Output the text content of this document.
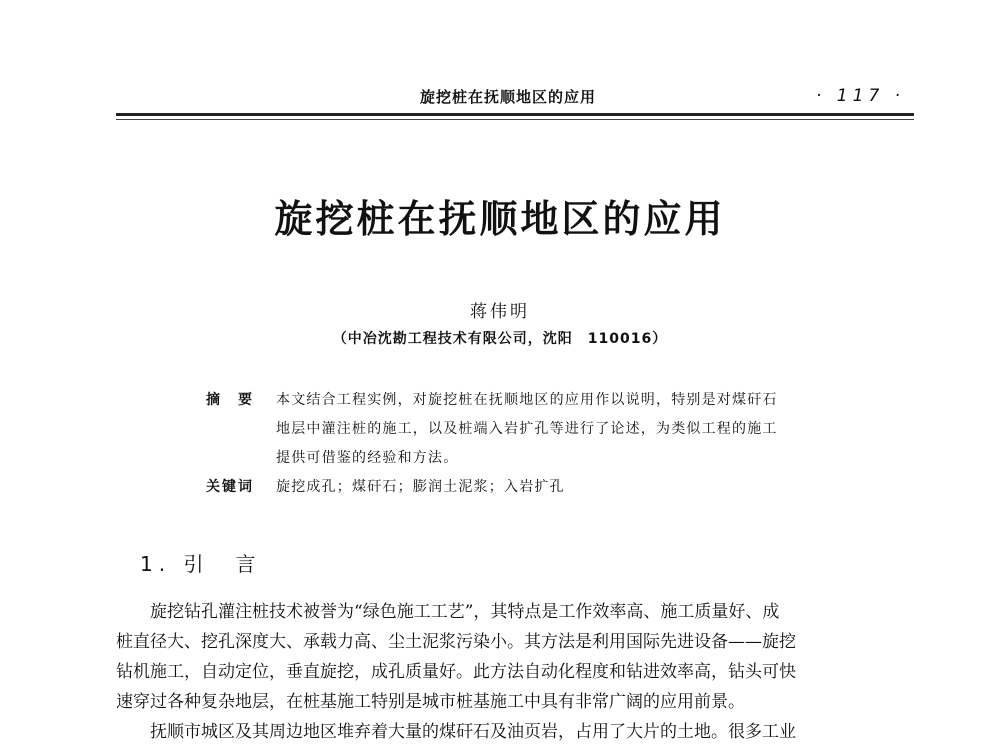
旋挖桩在抚顺地区的应用	· 117 ·
旋挖桩在抚顺地区的应用
蒋伟明
（中冶沈勘工程技术有限公司，沈阳　110016）
摘要 本文结合工程实例，对旋挖桩在抚顺地区的应用作以说明，特别是对煤矸石
地层中灌注桩的施工，以及桩端入岩扩孔等进行了论述，为类似工程的施工
提供可借鉴的经验和方法。
关键词 旋挖成孔；煤矸石；膨润土泥浆；入岩扩孔
1. 引　言
旋挖钻孔灌注桩技术被誉为“绿色施工工艺”，其特点是工作效率高、施工质量好、成
桩直径大、挖孔深度大、承载力高、尘土泥浆污染小。其方法是利用国际先进设备——旋挖
钻机施工，自动定位，垂直旋挖，成孔质量好。此方法自动化程度和钻进效率高，钻头可快
速穿过各种复杂地层，在桩基施工特别是城市桩基施工中具有非常广阔的应用前景。
抚顺市城区及其周边地区堆弃着大量的煤矸石及油页岩，占用了大片的土地。很多工业
